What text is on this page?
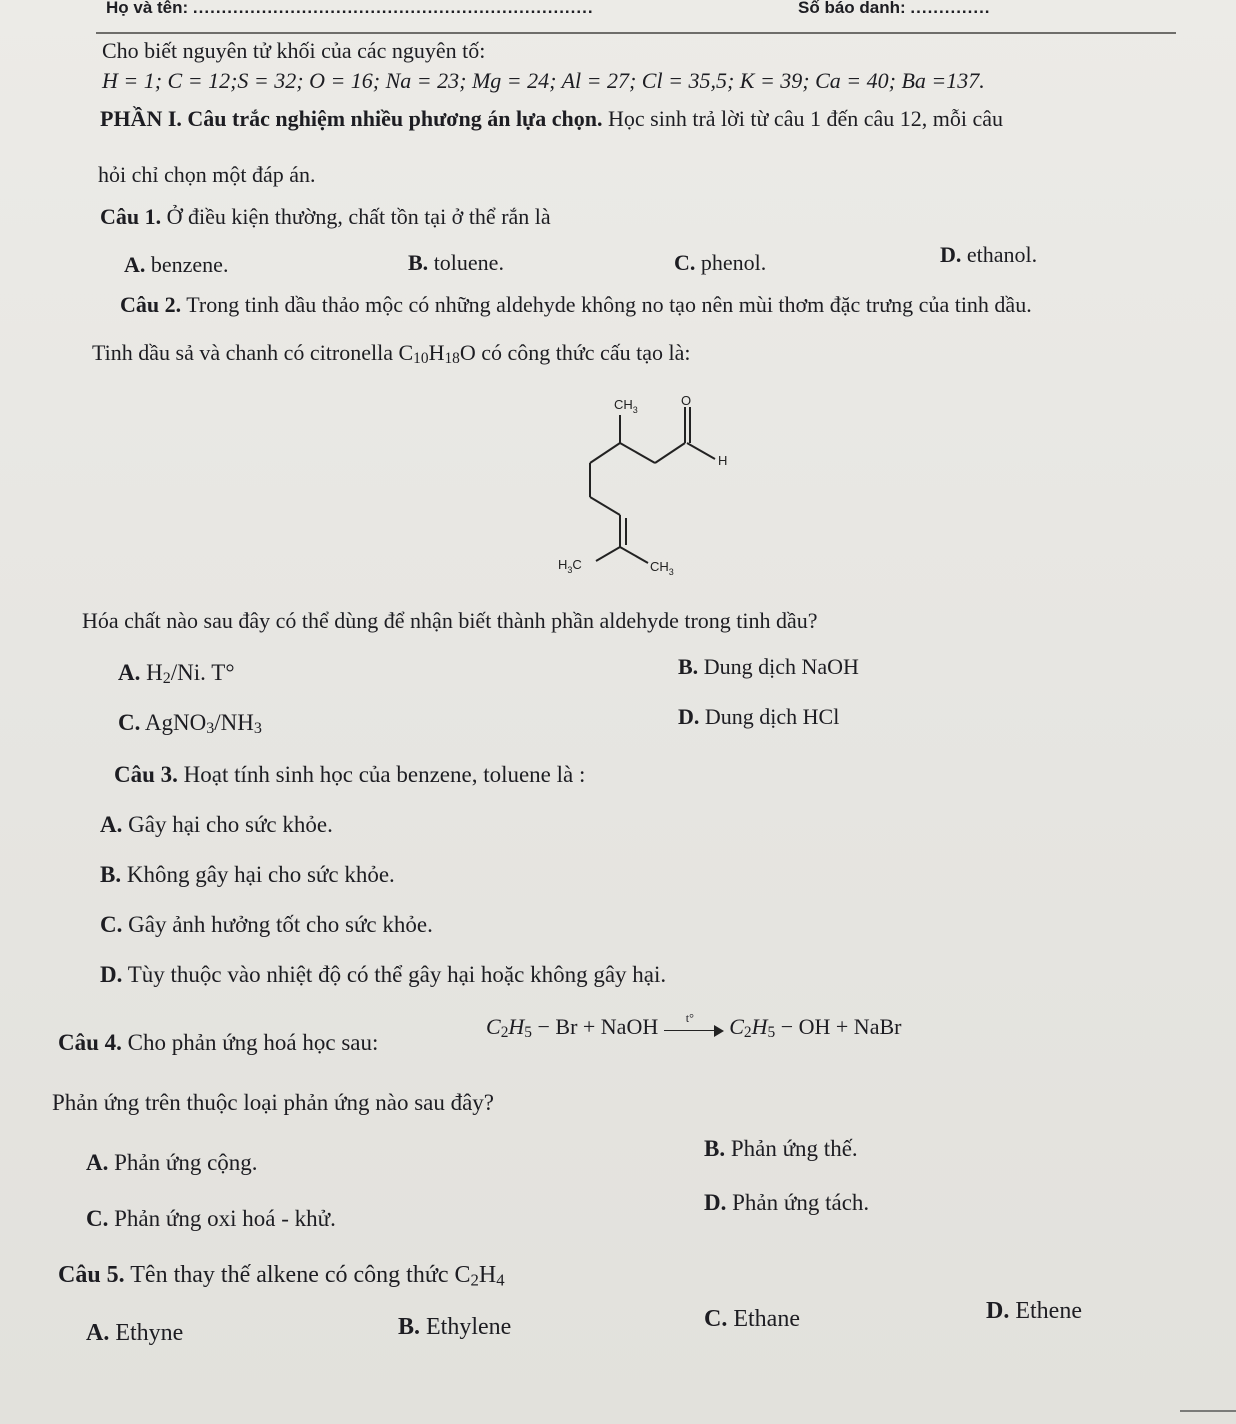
Họ và tên: ......................................................................	Số báo danh: ..............
Cho biết nguyên tử khối của các nguyên tố:
H = 1; C = 12;S = 32; O = 16; Na = 23; Mg = 24; Al = 27; Cl = 35,5; K = 39; Ca = 40; Ba =137.
PHẦN I. Câu trắc nghiệm nhiều phương án lựa chọn. Học sinh trả lời từ câu 1 đến câu 12, mỗi câu
hỏi chỉ chọn một đáp án.
Câu 1. Ở điều kiện thường, chất tồn tại ở thể rắn là
A. benzene.	B. toluene.	C. phenol.	D. ethanol.
Câu 2. Trong tinh dầu thảo mộc có những aldehyde không no tạo nên mùi thơm đặc trưng của tinh dầu.
Tinh dầu sả và chanh có citronella $C_{10}H_{18}O$ có công thức cấu tạo là:
$CH_3$
O
H
$H_3C$	$CH_3$
Hóa chất nào sau đây có thể dùng để nhận biết thành phần aldehyde trong tinh dầu?
A. $H_2/Ni$. T°	B. Dung dịch NaOH
C. $AgNO_3/NH_3$	D. Dung dịch HCl
Câu 3. Hoạt tính sinh học của benzene, toluene là :
A. Gây hại cho sức khỏe.
B. Không gây hại cho sức khỏe.
C. Gây ảnh hưởng tốt cho sức khỏe.
D. Tùy thuộc vào nhiệt độ có thể gây hại hoặc không gây hại.
Câu 4. Cho phản ứng hoá học sau:
$C_2H_5 - Br$ + NaOH t° $C_2H_5$ − OH + NaBr
Phản ứng trên thuộc loại phản ứng nào sau đây?
A. Phản ứng cộng.
B. Phản ứng thế.
C. Phản ứng oxi hoá - khử.
D. Phản ứng tách.
Câu 5. Tên thay thế alkene có công thức $C_2H_4$
A. Ethyne	B. Ethylene	C. Ethane	D. Ethene
